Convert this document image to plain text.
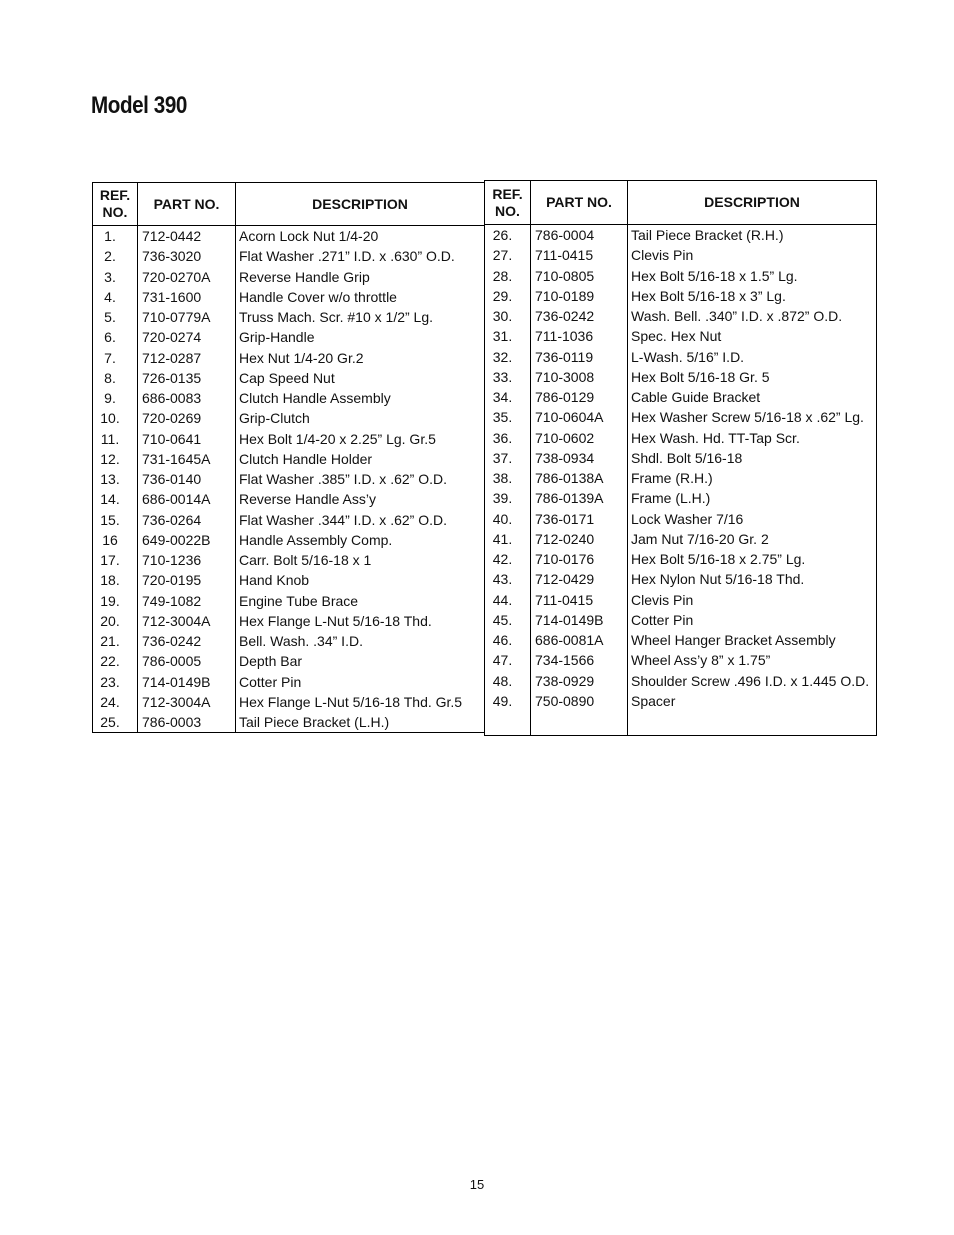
Model 390
REF.
NO.	PART NO.	DESCRIPTION
1.	712-0442	Acorn Lock Nut 1/4-20
2.	736-3020	Flat Washer .271” I.D. x .630” O.D.
3.	720-0270A	Reverse Handle Grip
4.	731-1600	Handle Cover w/o throttle
5.	710-0779A	Truss Mach. Scr. #10 x 1/2” Lg.
6.	720-0274	Grip-Handle
7.	712-0287	Hex Nut 1/4-20 Gr.2
8.	726-0135	Cap Speed Nut
9.	686-0083	Clutch Handle Assembly
10.	720-0269	Grip-Clutch
11.	710-0641	Hex Bolt 1/4-20 x 2.25” Lg. Gr.5
12.	731-1645A	Clutch Handle Holder
13.	736-0140	Flat Washer .385” I.D. x .62” O.D.
14.	686-0014A	Reverse Handle Ass’y
15.	736-0264	Flat Washer .344” I.D. x .62” O.D.
16	649-0022B	Handle Assembly Comp.
17.	710-1236	Carr. Bolt 5/16-18 x 1
18.	720-0195	Hand Knob
19.	749-1082	Engine Tube Brace
20.	712-3004A	Hex Flange L-Nut 5/16-18 Thd.
21.	736-0242	Bell. Wash. .34” I.D.
22.	786-0005	Depth Bar
23.	714-0149B	Cotter Pin
24.	712-3004A	Hex Flange L-Nut 5/16-18 Thd. Gr.5
25.	786-0003	Tail Piece Bracket (L.H.)
REF.
NO.	PART NO.	DESCRIPTION
26.	786-0004	Tail Piece Bracket (R.H.)
27.	711-0415	Clevis Pin
28.	710-0805	Hex Bolt 5/16-18 x 1.5” Lg.
29.	710-0189	Hex Bolt 5/16-18 x 3” Lg.
30.	736-0242	Wash. Bell. .340” I.D. x .872” O.D.
31.	711-1036	Spec. Hex Nut
32.	736-0119	L-Wash. 5/16” I.D.
33.	710-3008	Hex Bolt 5/16-18 Gr. 5
34.	786-0129	Cable Guide Bracket
35.	710-0604A	Hex Washer Screw 5/16-18 x .62” Lg.
36.	710-0602	Hex Wash. Hd. TT-Tap Scr.
37.	738-0934	Shdl. Bolt 5/16-18
38.	786-0138A	Frame (R.H.)
39.	786-0139A	Frame (L.H.)
40.	736-0171	Lock Washer 7/16
41.	712-0240	Jam Nut 7/16-20 Gr. 2
42.	710-0176	Hex Bolt 5/16-18 x 2.75” Lg.
43.	712-0429	Hex Nylon Nut 5/16-18 Thd.
44.	711-0415	Clevis Pin
45.	714-0149B	Cotter Pin
46.	686-0081A	Wheel Hanger Bracket Assembly
47.	734-1566	Wheel Ass’y 8” x 1.75”
48.	738-0929	Shoulder Screw .496 I.D. x 1.445 O.D.
49.	750-0890	Spacer

15
